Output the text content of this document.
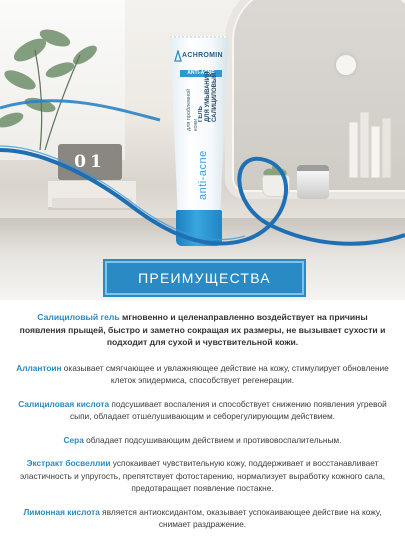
01
ACHROMIN
ANTI-ACNE
ГЕЛЬ
ДЛЯ УМЫВАНИЯ
САЛИЦИЛОВЫЙ
для проблемной
кожи
anti-acne
ПРЕИМУЩЕСТВА

Салициловый гель мгновенно и целенаправленно воздействует на причины появления прыщей, быстро и заметно сокращая их размеры, не вызывает сухости и подходит для сухой и чувствительной кожи.

Аллантоин оказывает смягчающее и увлажняющее действие на кожу, стимулирует обновление клеток эпидермиса, способствует регенерации.

Салициловая кислота подсушивает воспаления и способствует снижению появления угревой сыпи, обладает отшелушивающим и себорегулирующим действием.

Сера обладает подсушивающим действием и противовоспалительным.

Экстракт босвеллии успокаивает чувствительную кожу, поддерживает и восстанавливает эластичность и упругость, препятствует фотостарению, нормализует выработку кожного сала, предотвращает появление постакне.

Лимонная кислота является антиоксидантом, оказывает успокаивающее действие на кожу, снимает раздражение.
